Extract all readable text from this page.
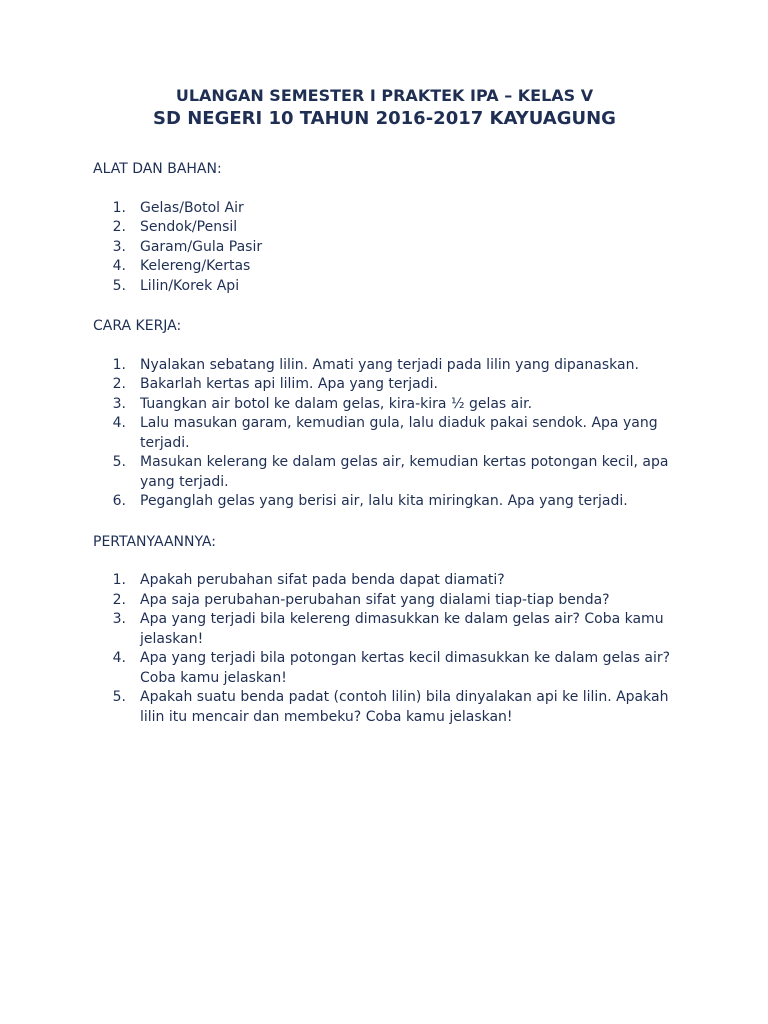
ULANGAN SEMESTER I PRAKTEK IPA – KELAS V
SD NEGERI 10 TAHUN 2016-2017 KAYUAGUNG

ALAT DAN BAHAN:

1. Gelas/Botol Air
2. Sendok/Pensil
3. Garam/Gula Pasir
4. Kelereng/Kertas
5. Lilin/Korek Api

CARA KERJA:

1. Nyalakan sebatang lilin. Amati yang terjadi pada lilin yang dipanaskan.
2. Bakarlah kertas api lilim. Apa yang terjadi.
3. Tuangkan air botol ke dalam gelas, kira-kira ½ gelas air.
4. Lalu masukan garam, kemudian gula, lalu diaduk pakai sendok. Apa yang terjadi.
5. Masukan kelerang ke dalam gelas air, kemudian kertas potongan kecil, apa yang terjadi.
6. Peganglah gelas yang berisi air, lalu kita miringkan. Apa yang terjadi.

PERTANYAANNYA:

1. Apakah perubahan sifat pada benda dapat diamati?
2. Apa saja perubahan-perubahan sifat yang dialami tiap-tiap benda?
3. Apa yang terjadi bila kelereng dimasukkan ke dalam gelas air? Coba kamu jelaskan!
4. Apa yang terjadi bila potongan kertas kecil dimasukkan ke dalam gelas air? Coba kamu jelaskan!
5. Apakah suatu benda padat (contoh lilin) bila dinyalakan api ke lilin. Apakah lilin itu mencair dan membeku? Coba kamu jelaskan!
